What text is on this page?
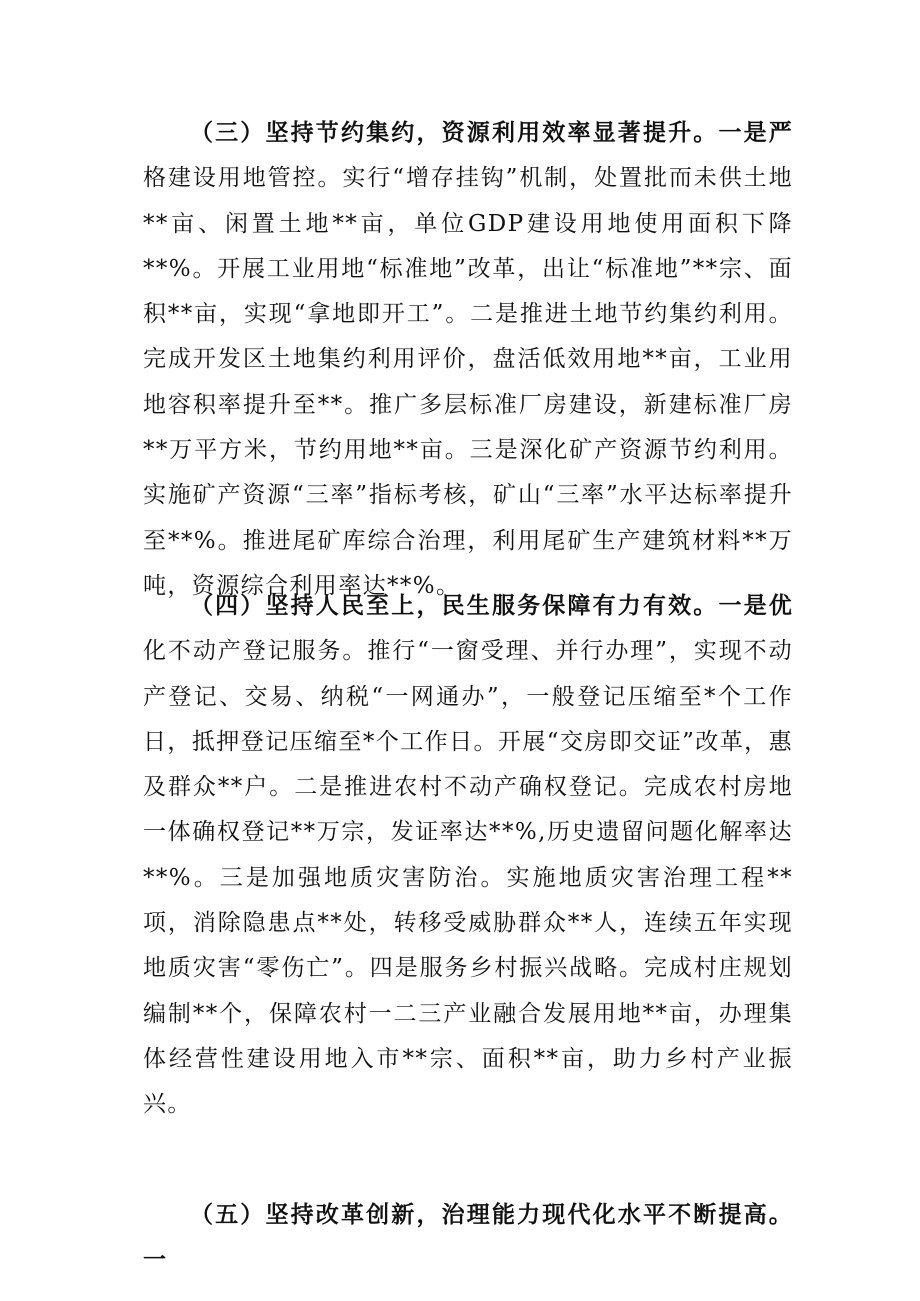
（三）坚持节约集约，资源利用效率显著提升。一是严格建设用地管控。实行“增存挂钩”机制，处置批而未供土地**亩、闲置土地**亩，单位GDP建设用地使用面积下降**%。开展工业用地“标准地”改革，出让“标准地”**宗、面积**亩，实现“拿地即开工”。二是推进土地节约集约利用。完成开发区土地集约利用评价，盘活低效用地**亩，工业用地容积率提升至**。推广多层标准厂房建设，新建标准厂房**万平方米，节约用地**亩。三是深化矿产资源节约利用。实施矿产资源“三率”指标考核，矿山“三率”水平达标率提升至**%。推进尾矿库综合治理，利用尾矿生产建筑材料**万吨，资源综合利用率达**%。

（四）坚持人民至上，民生服务保障有力有效。一是优化不动产登记服务。推行“一窗受理、并行办理”，实现不动产登记、交易、纳税“一网通办”，一般登记压缩至*个工作日，抵押登记压缩至*个工作日。开展“交房即交证”改革，惠及群众**户。二是推进农村不动产确权登记。完成农村房地一体确权登记**万宗，发证率达**%,历史遗留问题化解率达**%。三是加强地质灾害防治。实施地质灾害治理工程**项，消除隐患点**处，转移受威胁群众**人，连续五年实现地质灾害“零伤亡”。四是服务乡村振兴战略。完成村庄规划编制**个，保障农村一二三产业融合发展用地**亩，办理集体经营性建设用地入市**宗、面积**亩，助力乡村产业振兴。

（五）坚持改革创新，治理能力现代化水平不断提高。一
